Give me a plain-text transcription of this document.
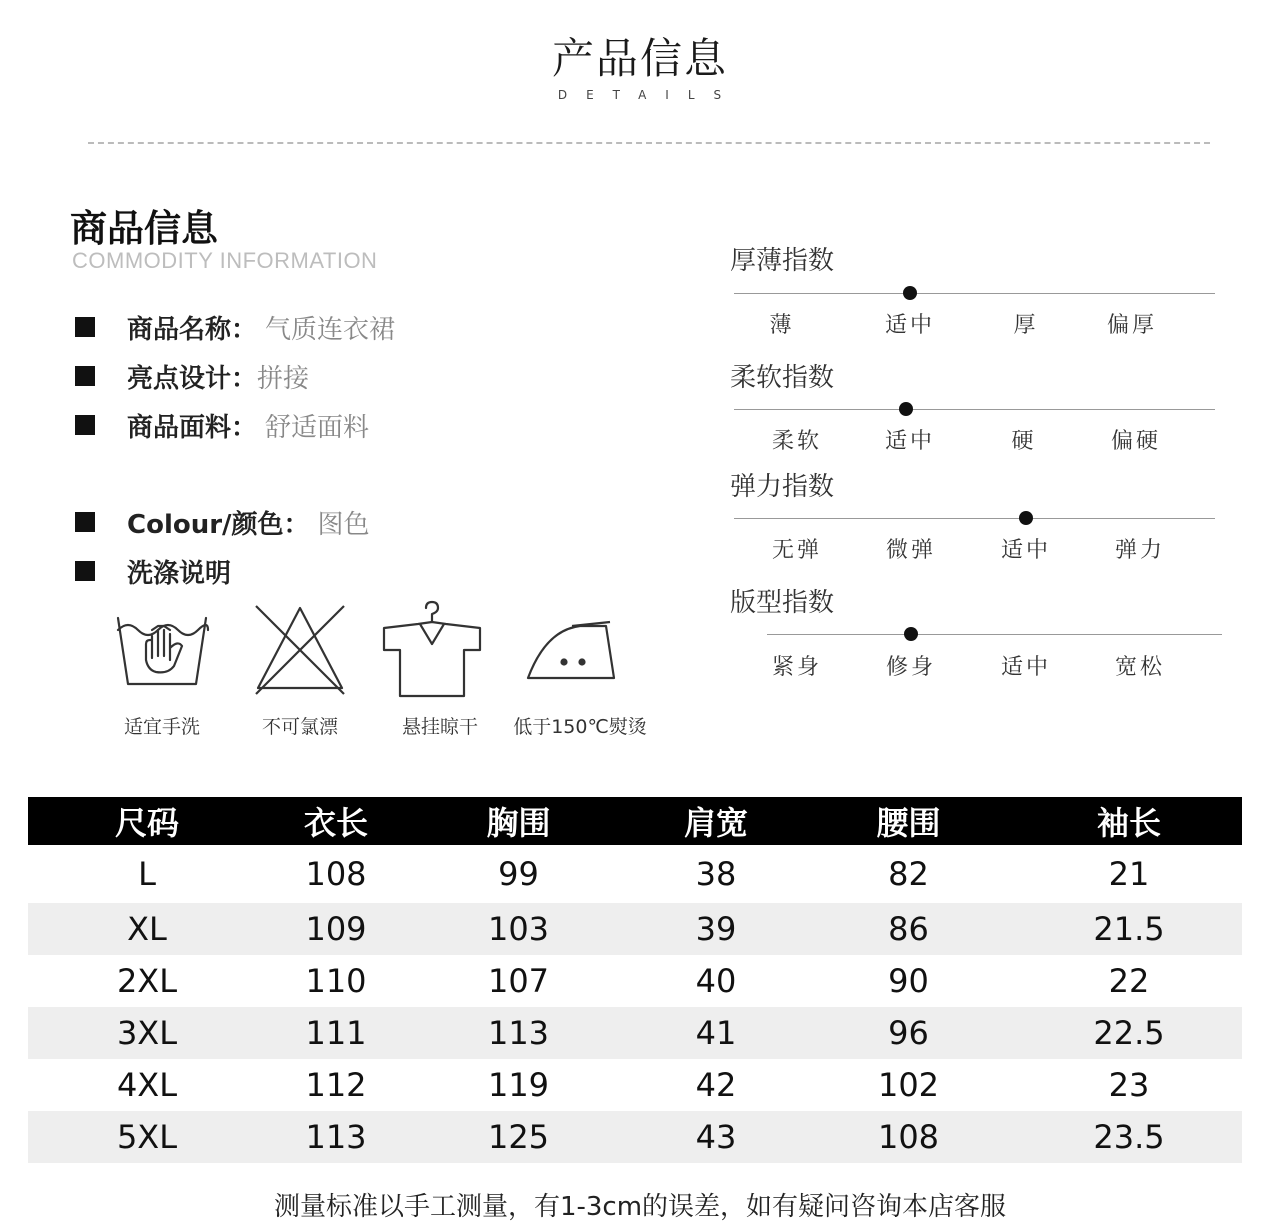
产品信息
DETAILS
商品信息
COMMODITY INFORMATION
商品名称： 气质连衣裙
亮点设计： 拼接
商品面料： 舒适面料
Colour/颜色： 图色
洗涤说明
适宜手洗	不可氯漂	悬挂晾干	低于150℃熨烫
厚薄指数
薄	适中	厚	偏厚
柔软指数
柔软	适中	硬	偏硬
弹力指数
无弹	微弹	适中	弹力
版型指数
紧身	修身	适中	宽松
尺码	衣长	胸围	肩宽	腰围	袖长
L	108	99	38	82	21
XL	109	103	39	86	21.5
2XL	110	107	40	90	22
3XL	111	113	41	96	22.5
4XL	112	119	42	102	23
5XL	113	125	43	108	23.5
测量标准以手工测量，有1-3cm的误差，如有疑问咨询本店客服
